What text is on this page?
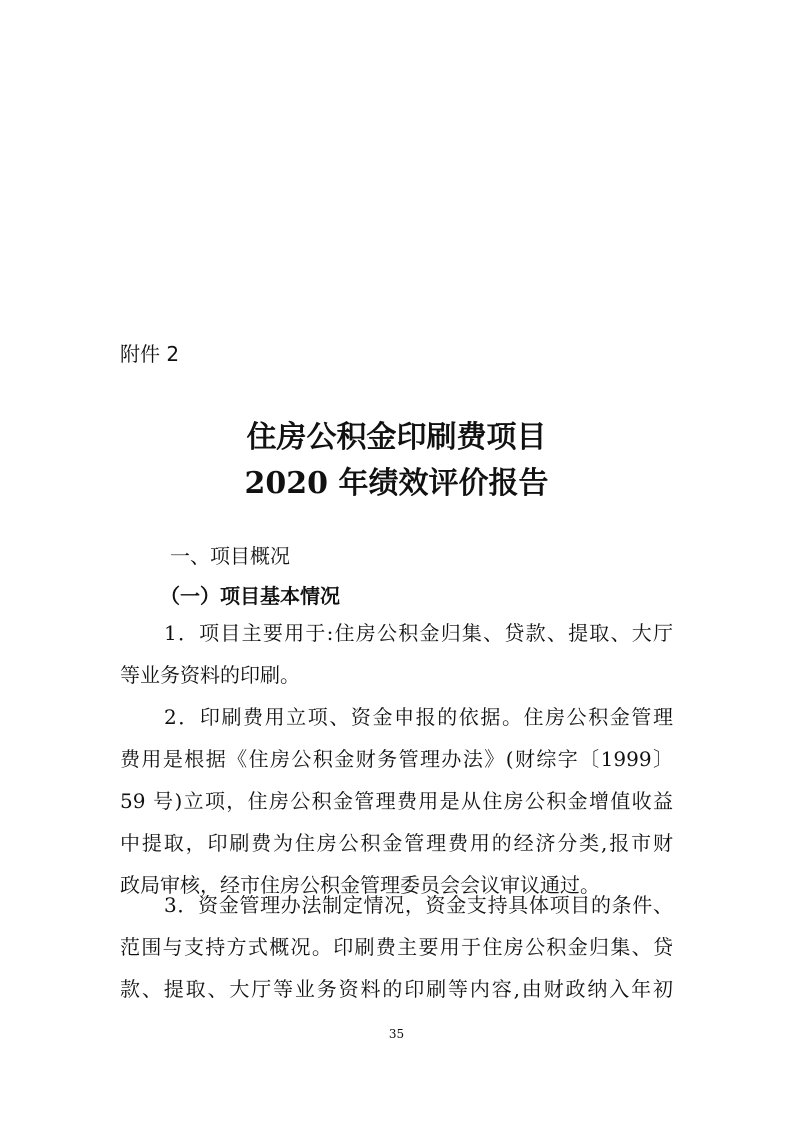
附件 2
住房公积金印刷费项目
2020 年绩效评价报告
一、项目概况
（一）项目基本情况
1．项目主要用于:住房公积金归集、贷款、提取、大厅
等业务资料的印刷。
2．印刷费用立项、资金申报的依据。住房公积金管理
费用是根据《住房公积金财务管理办法》(财综字〔1999〕
59 号)立项，住房公积金管理费用是从住房公积金增值收益
中提取，印刷费为住房公积金管理费用的经济分类,报市财
政局审核，经市住房公积金管理委员会会议审议通过。
3．资金管理办法制定情况，资金支持具体项目的条件、
范围与支持方式概况。印刷费主要用于住房公积金归集、贷
款、提取、大厅等业务资料的印刷等内容,由财政纳入年初
35
